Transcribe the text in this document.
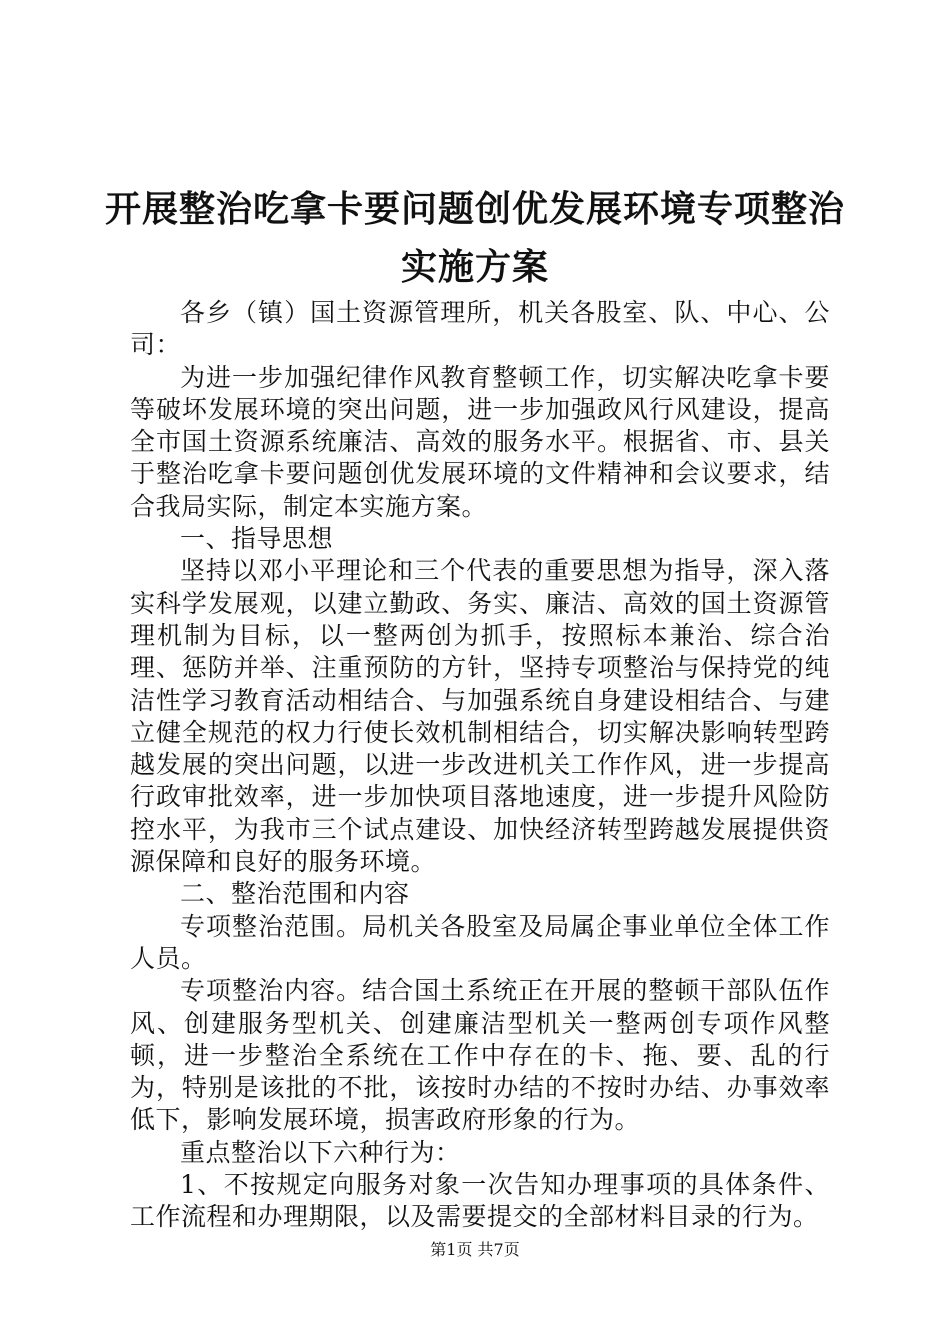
开展整治吃拿卡要问题创优发展环境专项整治
实施方案

各乡（镇）国土资源管理所，机关各股室、队、中心、公司：

为进一步加强纪律作风教育整顿工作，切实解决吃拿卡要等破坏发展环境的突出问题，进一步加强政风行风建设，提高全市国土资源系统廉洁、高效的服务水平。根据省、市、县关于整治吃拿卡要问题创优发展环境的文件精神和会议要求，结合我局实际，制定本实施方案。

一、指导思想

坚持以邓小平理论和三个代表的重要思想为指导，深入落实科学发展观，以建立勤政、务实、廉洁、高效的国土资源管理机制为目标，以一整两创为抓手，按照标本兼治、综合治理、惩防并举、注重预防的方针，坚持专项整治与保持党的纯洁性学习教育活动相结合、与加强系统自身建设相结合、与建立健全规范的权力行使长效机制相结合，切实解决影响转型跨越发展的突出问题，以进一步改进机关工作作风，进一步提高行政审批效率，进一步加快项目落地速度，进一步提升风险防控水平，为我市三个试点建设、加快经济转型跨越发展提供资源保障和良好的服务环境。

二、整治范围和内容

专项整治范围。局机关各股室及局属企事业单位全体工作人员。

专项整治内容。结合国土系统正在开展的整顿干部队伍作风、创建服务型机关、创建廉洁型机关一整两创专项作风整顿，进一步整治全系统在工作中存在的卡、拖、要、乱的行为，特别是该批的不批，该按时办结的不按时办结、办事效率低下，影响发展环境，损害政府形象的行为。

重点整治以下六种行为：

1、不按规定向服务对象一次告知办理事项的具体条件、工作流程和办理期限，以及需要提交的全部材料目录的行为。

第1页 共7页
